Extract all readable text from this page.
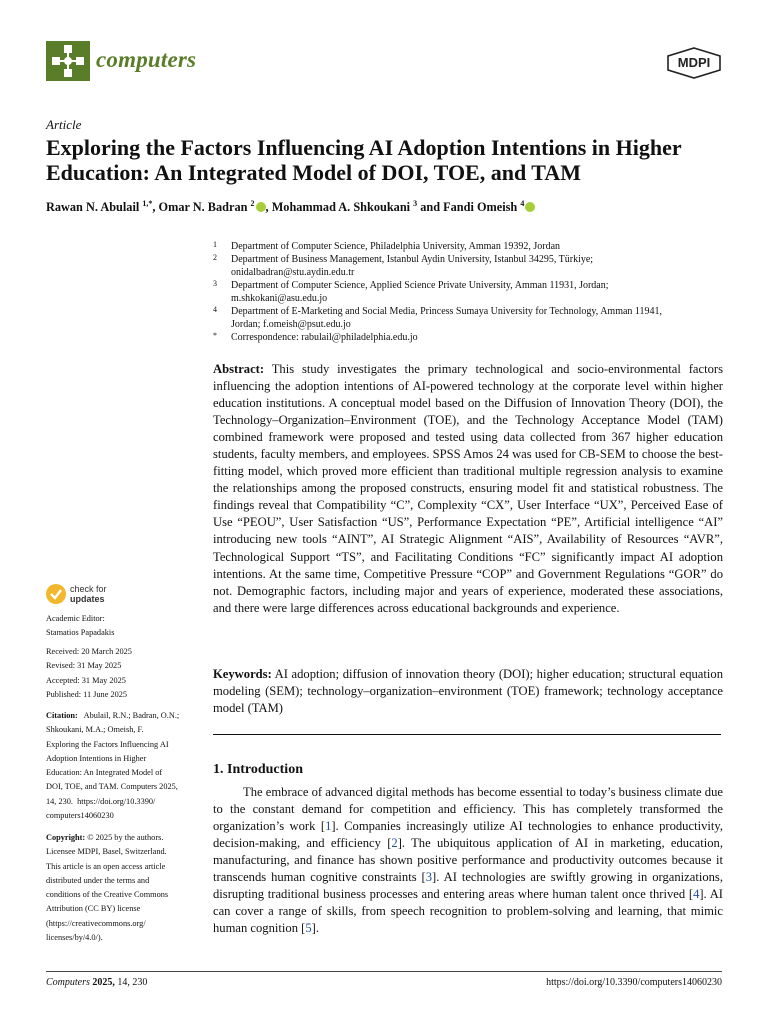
computers	MDPI
Article
Exploring the Factors Influencing AI Adoption Intentions in Higher Education: An Integrated Model of DOI, TOE, and TAM
Rawan N. Abulail $^{1,*}$, Omar N. Badran $^2$ , Mohammad A. Shkoukani $^3$ and Fandi Omeish $^4$
1	Department of Computer Science, Philadelphia University, Amman 19392, Jordan
2	Department of Business Management, Istanbul Aydin University, Istanbul 34295, Türkiye;
onidalbadran@stu.aydin.edu.tr
3	Department of Computer Science, Applied Science Private University, Amman 11931, Jordan;
m.shkokani@asu.edu.jo
4	Department of E-Marketing and Social Media, Princess Sumaya University for Technology, Amman 11941,
Jordan; f.omeish@psut.edu.jo
*	Correspondence: rabulail@philadelphia.edu.jo

Abstract: This study investigates the primary technological and socio-environmental factors influencing the adoption intentions of AI-powered technology at the corporate level within higher education institutions. A conceptual model based on the Diffusion of Innovation Theory (DOI), the Technology–Organization–Environment (TOE), and the Technology Acceptance Model (TAM) combined framework were proposed and tested using data collected from 367 higher education students, faculty members, and employees. SPSS Amos 24 was used for CB-SEM to choose the best-fitting model, which proved more efficient than traditional multiple regression analysis to examine the relationships among the proposed constructs, ensuring model fit and statistical robustness. The findings reveal that Compatibility “C”, Complexity “CX”, User Interface “UX”, Perceived Ease of Use “PEOU”, User Satisfaction “US”, Performance Expectation “PE”, Artificial intelligence “AI” introducing new tools “AINT”, AI Strategic Alignment “AIS”, Availability of Resources “AVR”, Technological Support “TS”, and Facilitating Conditions “FC” significantly impact AI adoption intentions. At the same time, Competitive Pressure “COP” and Government Regulations “GOR” do not. Demographic factors, including major and years of experience, moderated these associations, and there were large differences across educational backgrounds and experience.

Keywords: AI adoption; diffusion of innovation theory (DOI); higher education; structural equation modeling (SEM); technology–organization–environment (TOE) framework; technology acceptance model (TAM)

1. Introduction

The embrace of advanced digital methods has become essential to today’s business climate due to the constant demand for competition and efficiency. This has completely transformed the organization’s work [1]. Companies increasingly utilize AI technologies to enhance productivity, decision-making, and efficiency [2]. The ubiquitous application of AI in marketing, education, manufacturing, and finance has shown positive performance and productivity outcomes because it transcends human cognitive constraints [3]. AI technologies are swiftly growing in organizations, disrupting traditional business processes and entering areas where human talent once thrived [4]. AI can cover a range of skills, from speech recognition to problem-solving and learning, that mimic human cognition [5].

check for
updates
Academic Editor:
Stamatios Papadakis
Received: 20 March 2025
Revised: 31 May 2025
Accepted: 31 May 2025
Published: 11 June 2025
Citation:   Abulail, R.N.; Badran, O.N.;
Shkoukani, M.A.; Omeish, F.
Exploring the Factors Influencing AI
Adoption Intentions in Higher
Education: An Integrated Model of
DOI, TOE, and TAM. Computers 2025,
14, 230.  https://doi.org/10.3390/
computers14060230
Copyright: © 2025 by the authors.
Licensee MDPI, Basel, Switzerland.
This article is an open access article
distributed under the terms and
conditions of the Creative Commons
Attribution (CC BY) license
(https://creativecommons.org/
licenses/by/4.0/).
Computers 2025, 14, 230	https://doi.org/10.3390/computers14060230
